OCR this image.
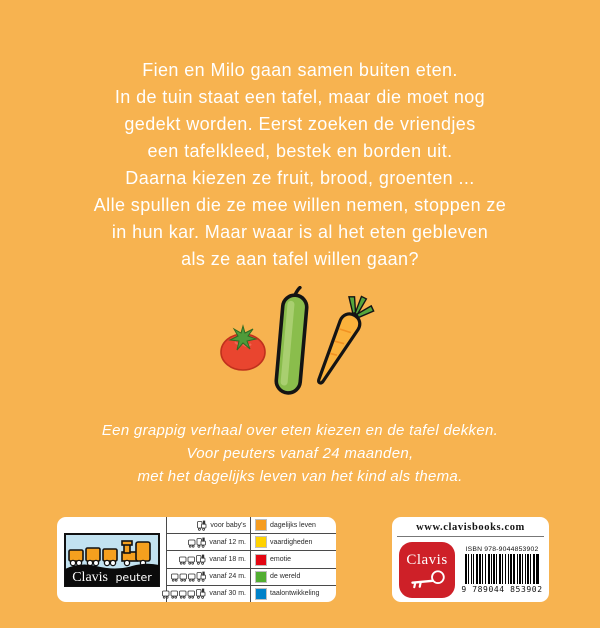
Fien en Milo gaan samen buiten eten.
In de tuin staat een tafel, maar die moet nog
gedekt worden. Eerst zoeken de vriendjes
een tafelkleed, bestek en borden uit.
Daarna kiezen ze fruit, brood, groenten ...
Alle spullen die ze mee willen nemen, stoppen ze
in hun kar. Maar waar is al het eten gebleven
als ze aan tafel willen gaan?
Een grappig verhaal over eten kiezen en de tafel dekken.
Voor peuters vanaf 24 maanden,
met het dagelijks leven van het kind als thema.
Clavis peuter
voor baby's	dagelijks leven
vanaf 12 m.	vaardigheden
vanaf 18 m.	emotie
vanaf 24 m.	de wereld
vanaf 30 m.	taalontwikkeling
www.clavisbooks.com
Clavis
ISBN 978-9044853902
9 789044 853902
